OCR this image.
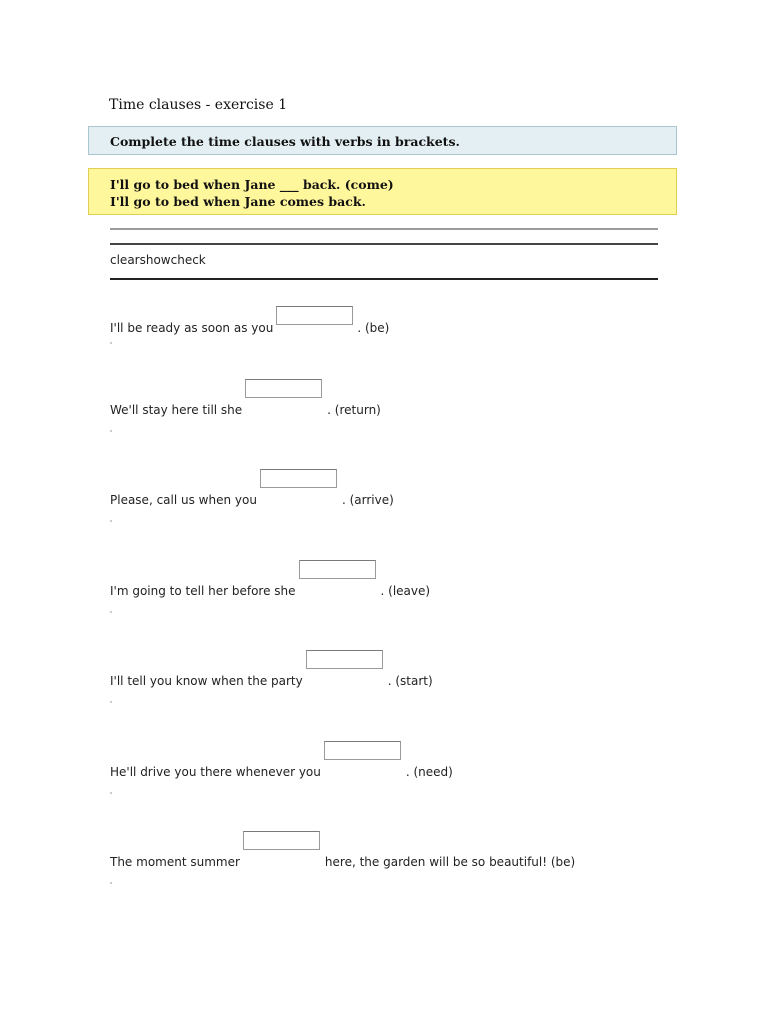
Time clauses - exercise 1
Complete the time clauses with verbs in brackets.
I'll go to bed when Jane ___ back. (come)
I'll go to bed when Jane comes back.
clearshowcheck
I'll be ready as soon as you	. (be)
We'll stay here till she	. (return)
Please, call us when you	. (arrive)
I'm going to tell her before she	. (leave)
I'll tell you know when the party	. (start)
He'll drive you there whenever you	. (need)
The moment summer	here, the garden will be so beautiful! (be)
